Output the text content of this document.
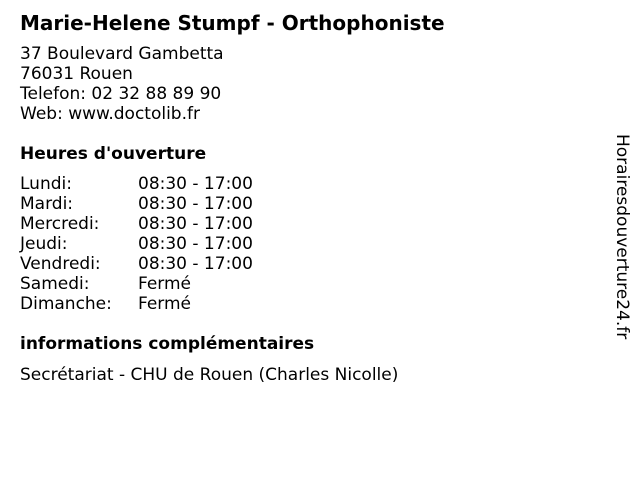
Marie-Helene Stumpf - Orthophoniste
37 Boulevard Gambetta
76031 Rouen
Telefon: 02 32 88 89 90
Web: www.doctolib.fr
Heures d'ouverture
Lundi:	08:30 - 17:00
Mardi:	08:30 - 17:00
Mercredi:	08:30 - 17:00
Jeudi:	08:30 - 17:00
Vendredi:	08:30 - 17:00
Samedi:	Fermé
Dimanche:	Fermé
informations complémentaires
Secrétariat - CHU de Rouen (Charles Nicolle)
Horairesdouverture24.fr
